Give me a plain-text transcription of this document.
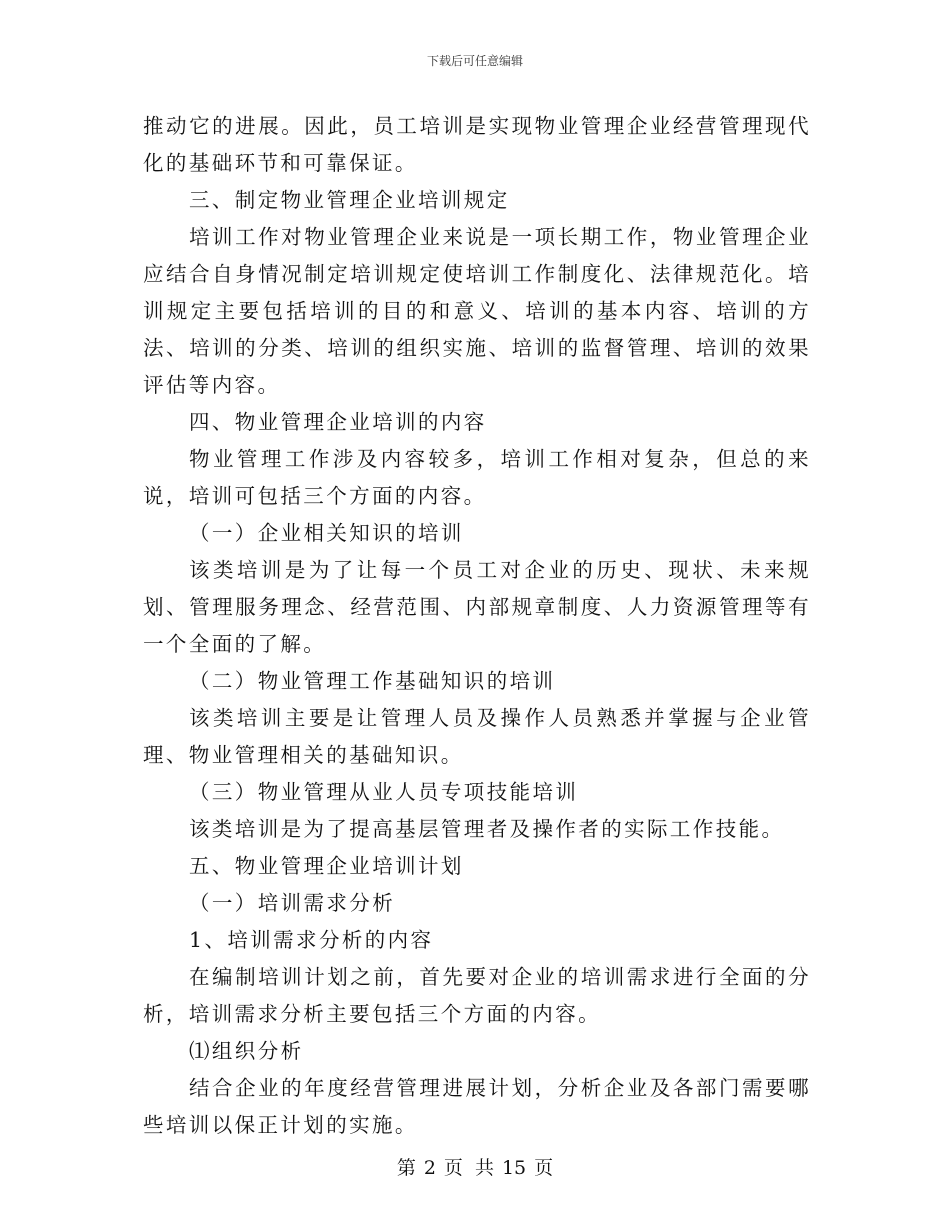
下载后可任意编辑

推动它的进展。因此，员工培训是实现物业管理企业经营管理现代化的基础环节和可靠保证。

三、制定物业管理企业培训规定

培训工作对物业管理企业来说是一项长期工作，物业管理企业应结合自身情况制定培训规定使培训工作制度化、法律规范化。培训规定主要包括培训的目的和意义、培训的基本内容、培训的方法、培训的分类、培训的组织实施、培训的监督管理、培训的效果评估等内容。

四、物业管理企业培训的内容

物业管理工作涉及内容较多，培训工作相对复杂，但总的来说，培训可包括三个方面的内容。

（一）企业相关知识的培训

该类培训是为了让每一个员工对企业的历史、现状、未来规划、管理服务理念、经营范围、内部规章制度、人力资源管理等有一个全面的了解。

（二）物业管理工作基础知识的培训

该类培训主要是让管理人员及操作人员熟悉并掌握与企业管理、物业管理相关的基础知识。

（三）物业管理从业人员专项技能培训

该类培训是为了提高基层管理者及操作者的实际工作技能。

五、物业管理企业培训计划

（一）培训需求分析

1、培训需求分析的内容

在编制培训计划之前，首先要对企业的培训需求进行全面的分析，培训需求分析主要包括三个方面的内容。

⑴组织分析

结合企业的年度经营管理进展计划，分析企业及各部门需要哪些培训以保正计划的实施。

第 2 页 共 15 页
